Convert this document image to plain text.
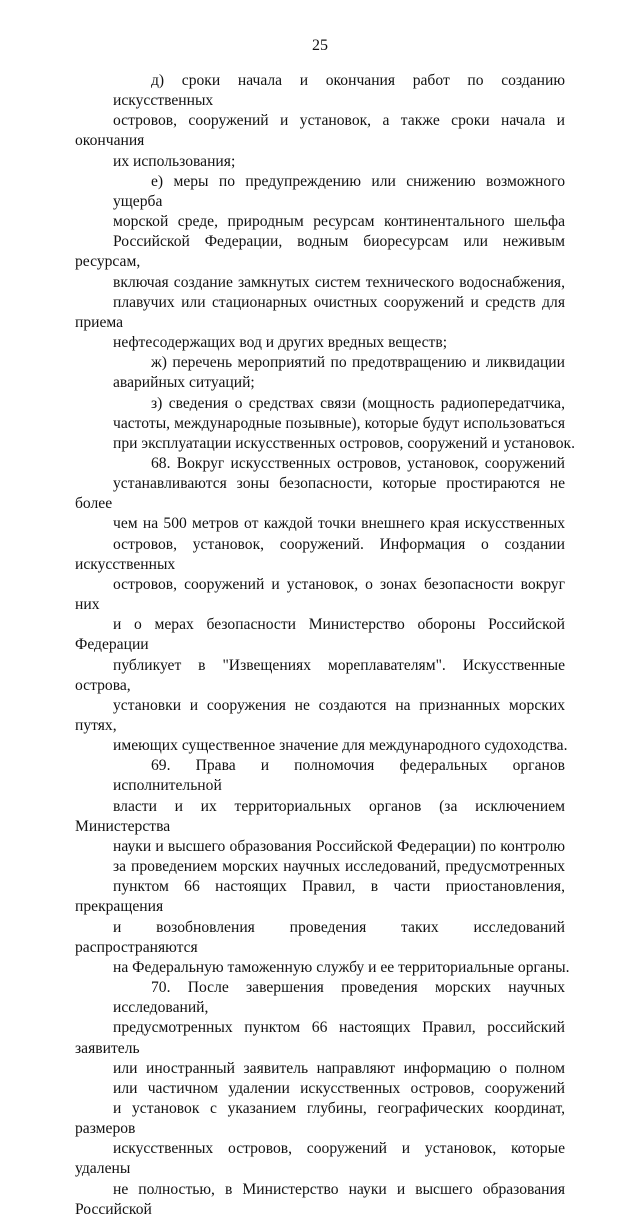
25

д) сроки начала и окончания работ по созданию искусственных
островов, сооружений и установок, а также сроки начала и окончания
их использования;

е) меры по предупреждению или снижению возможного ущерба
морской среде, природным ресурсам континентального шельфа
Российской Федерации, водным биоресурсам или неживым ресурсам,
включая создание замкнутых систем технического водоснабжения,
плавучих или стационарных очистных сооружений и средств для приема
нефтесодержащих вод и других вредных веществ;

ж) перечень мероприятий по предотвращению и ликвидации
аварийных ситуаций;

з) сведения о средствах связи (мощность радиопередатчика,
частоты, международные позывные), которые будут использоваться
при эксплуатации искусственных островов, сооружений и установок.

68. Вокруг искусственных островов, установок, сооружений
устанавливаются зоны безопасности, которые простираются не более
чем на 500 метров от каждой точки внешнего края искусственных
островов, установок, сооружений. Информация о создании искусственных
островов, сооружений и установок, о зонах безопасности вокруг них
и о мерах безопасности Министерство обороны Российской Федерации
публикует в "Извещениях мореплавателям". Искусственные острова,
установки и сооружения не создаются на признанных морских путях,
имеющих существенное значение для международного судоходства.

69. Права и полномочия федеральных органов исполнительной
власти и их территориальных органов (за исключением Министерства
науки и высшего образования Российской Федерации) по контролю
за проведением морских научных исследований, предусмотренных
пунктом 66 настоящих Правил, в части приостановления, прекращения
и возобновления проведения таких исследований распространяются
на Федеральную таможенную службу и ее территориальные органы.

70. После завершения проведения морских научных исследований,
предусмотренных пунктом 66 настоящих Правил, российский заявитель
или иностранный заявитель направляют информацию о полном
или частичном удалении искусственных островов, сооружений
и установок с указанием глубины, географических координат, размеров
искусственных островов, сооружений и установок, которые удалены
не полностью, в Министерство науки и высшего образования Российской
